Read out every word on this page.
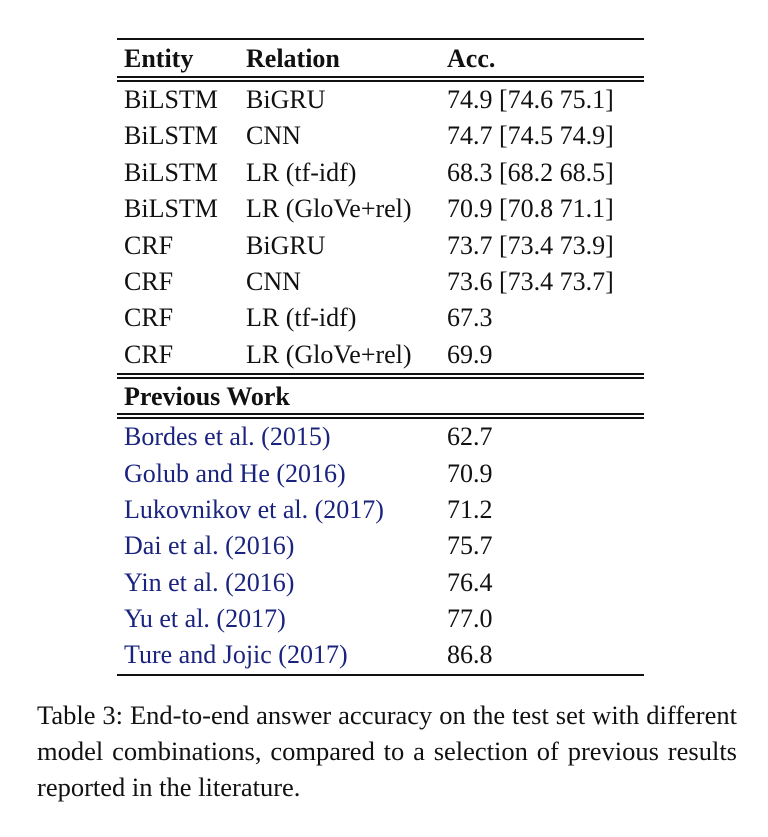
Entity Relation	Acc.
BiLSTM BiGRU	74.9 [74.6 75.1]
BiLSTM CNN	74.7 [74.5 74.9]
BiLSTM LR (tf-idf)	68.3 [68.2 68.5]
BiLSTM LR (GloVe+rel) 70.9 [70.8 71.1]
CRF	BiGRU	73.7 [73.4 73.9]
CRF	CNN	73.6 [73.4 73.7]
CRF	LR (tf-idf)	67.3
CRF	LR (GloVe+rel) 69.9
Previous Work
Bordes et al. (2015)	62.7
Golub and He (2016)	70.9
Lukovnikov et al. (2017) 71.2
Dai et al. (2016)	75.7
Yin et al. (2016)	76.4
Yu et al. (2017)	77.0
Ture and Jojic (2017)	86.8
Table 3: End-to-end answer accuracy on the test set with different model combinations, compared to a selection of previous results reported in the literature.
